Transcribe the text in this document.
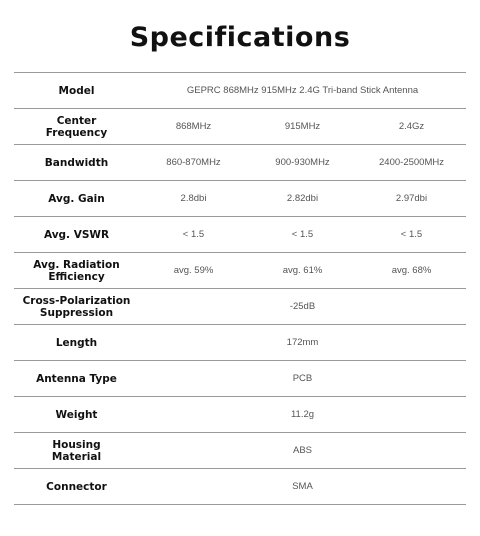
Specifications
Model	GEPRC 868MHz 915MHz 2.4G Tri-band Stick Antenna
Center
Frequency	868MHz	915MHz	2.4Gz
Bandwidth	860-870MHz	900-930MHz	2400-2500MHz
Avg. Gain	2.8dbi	2.82dbi	2.97dbi
Avg. VSWR	< 1.5	< 1.5	< 1.5
Avg. Radiation
Efficiency	avg. 59%	avg. 61%	avg. 68%
Cross-Polarization
Suppression	-25dB
Length	172mm
Antenna Type	PCB
Weight	11.2g
Housing
Material	ABS
Connector	SMA
